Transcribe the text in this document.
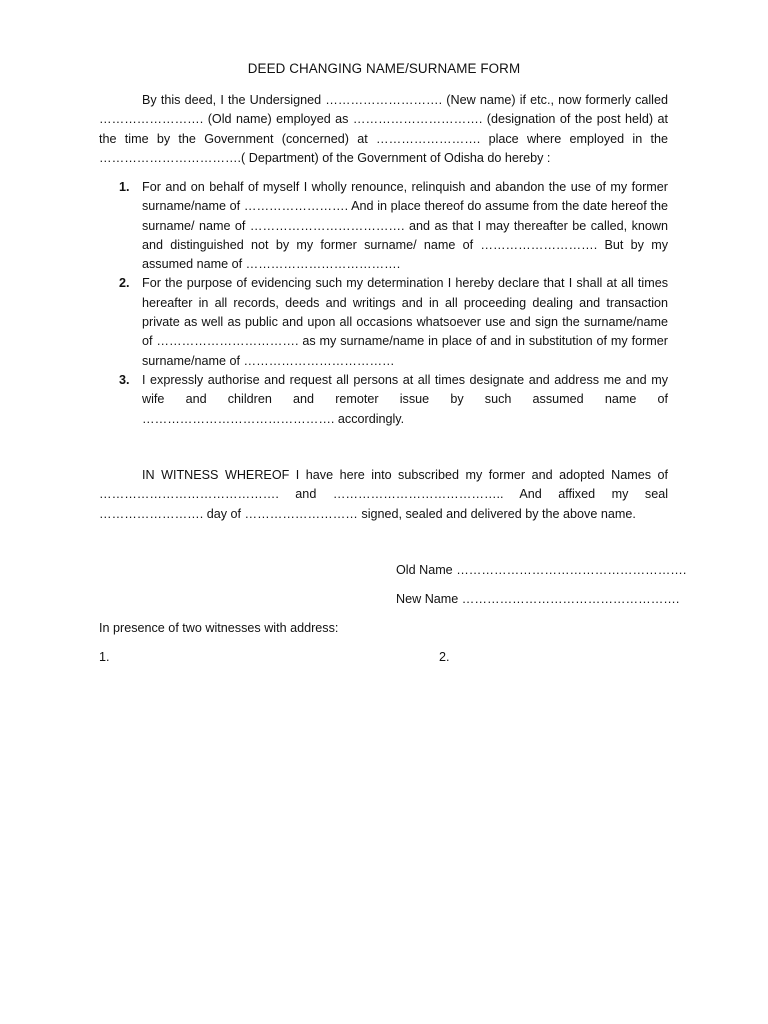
DEED CHANGING NAME/SURNAME FORM

By this deed, I the Undersigned ………………………. (New name) if etc., now formerly called ……………………. (Old name) employed as …………………………. (designation of the post held) at the time by the Government (concerned) at ……………………. place where employed in the …………………………….( Department) of the Government of Odisha do hereby :

1. For and on behalf of myself I wholly renounce, relinquish and abandon the use of my former surname/name of ……………………. And in place thereof do assume from the date hereof the surname/ name of ………………………………. and as that I may thereafter be called, known and distinguished not by my former surname/ name of ………………………. But by my assumed name of ……………………………….
2. For the purpose of evidencing such my determination I hereby declare that I shall at all times hereafter in all records, deeds and writings and in all proceeding dealing and transaction private as well as public and upon all occasions whatsoever use and sign the surname/name of ……………………………. as my surname/name in place of and in substitution of my former surname/name of ………………………………
3. I expressly authorise and request all persons at all times designate and address me and my wife and children and remoter issue by such assumed name of ………………………………………. accordingly.

IN WITNESS WHEREOF I have here into subscribed my former and adopted Names of ……………………………………. and ………………………………….. And affixed my seal ……………………. day of ……………………… signed, sealed and delivered by the above name.

Old Name ……………………………………………….
New Name …………………………………………….
In presence of two witnesses with address:
1.	2.
